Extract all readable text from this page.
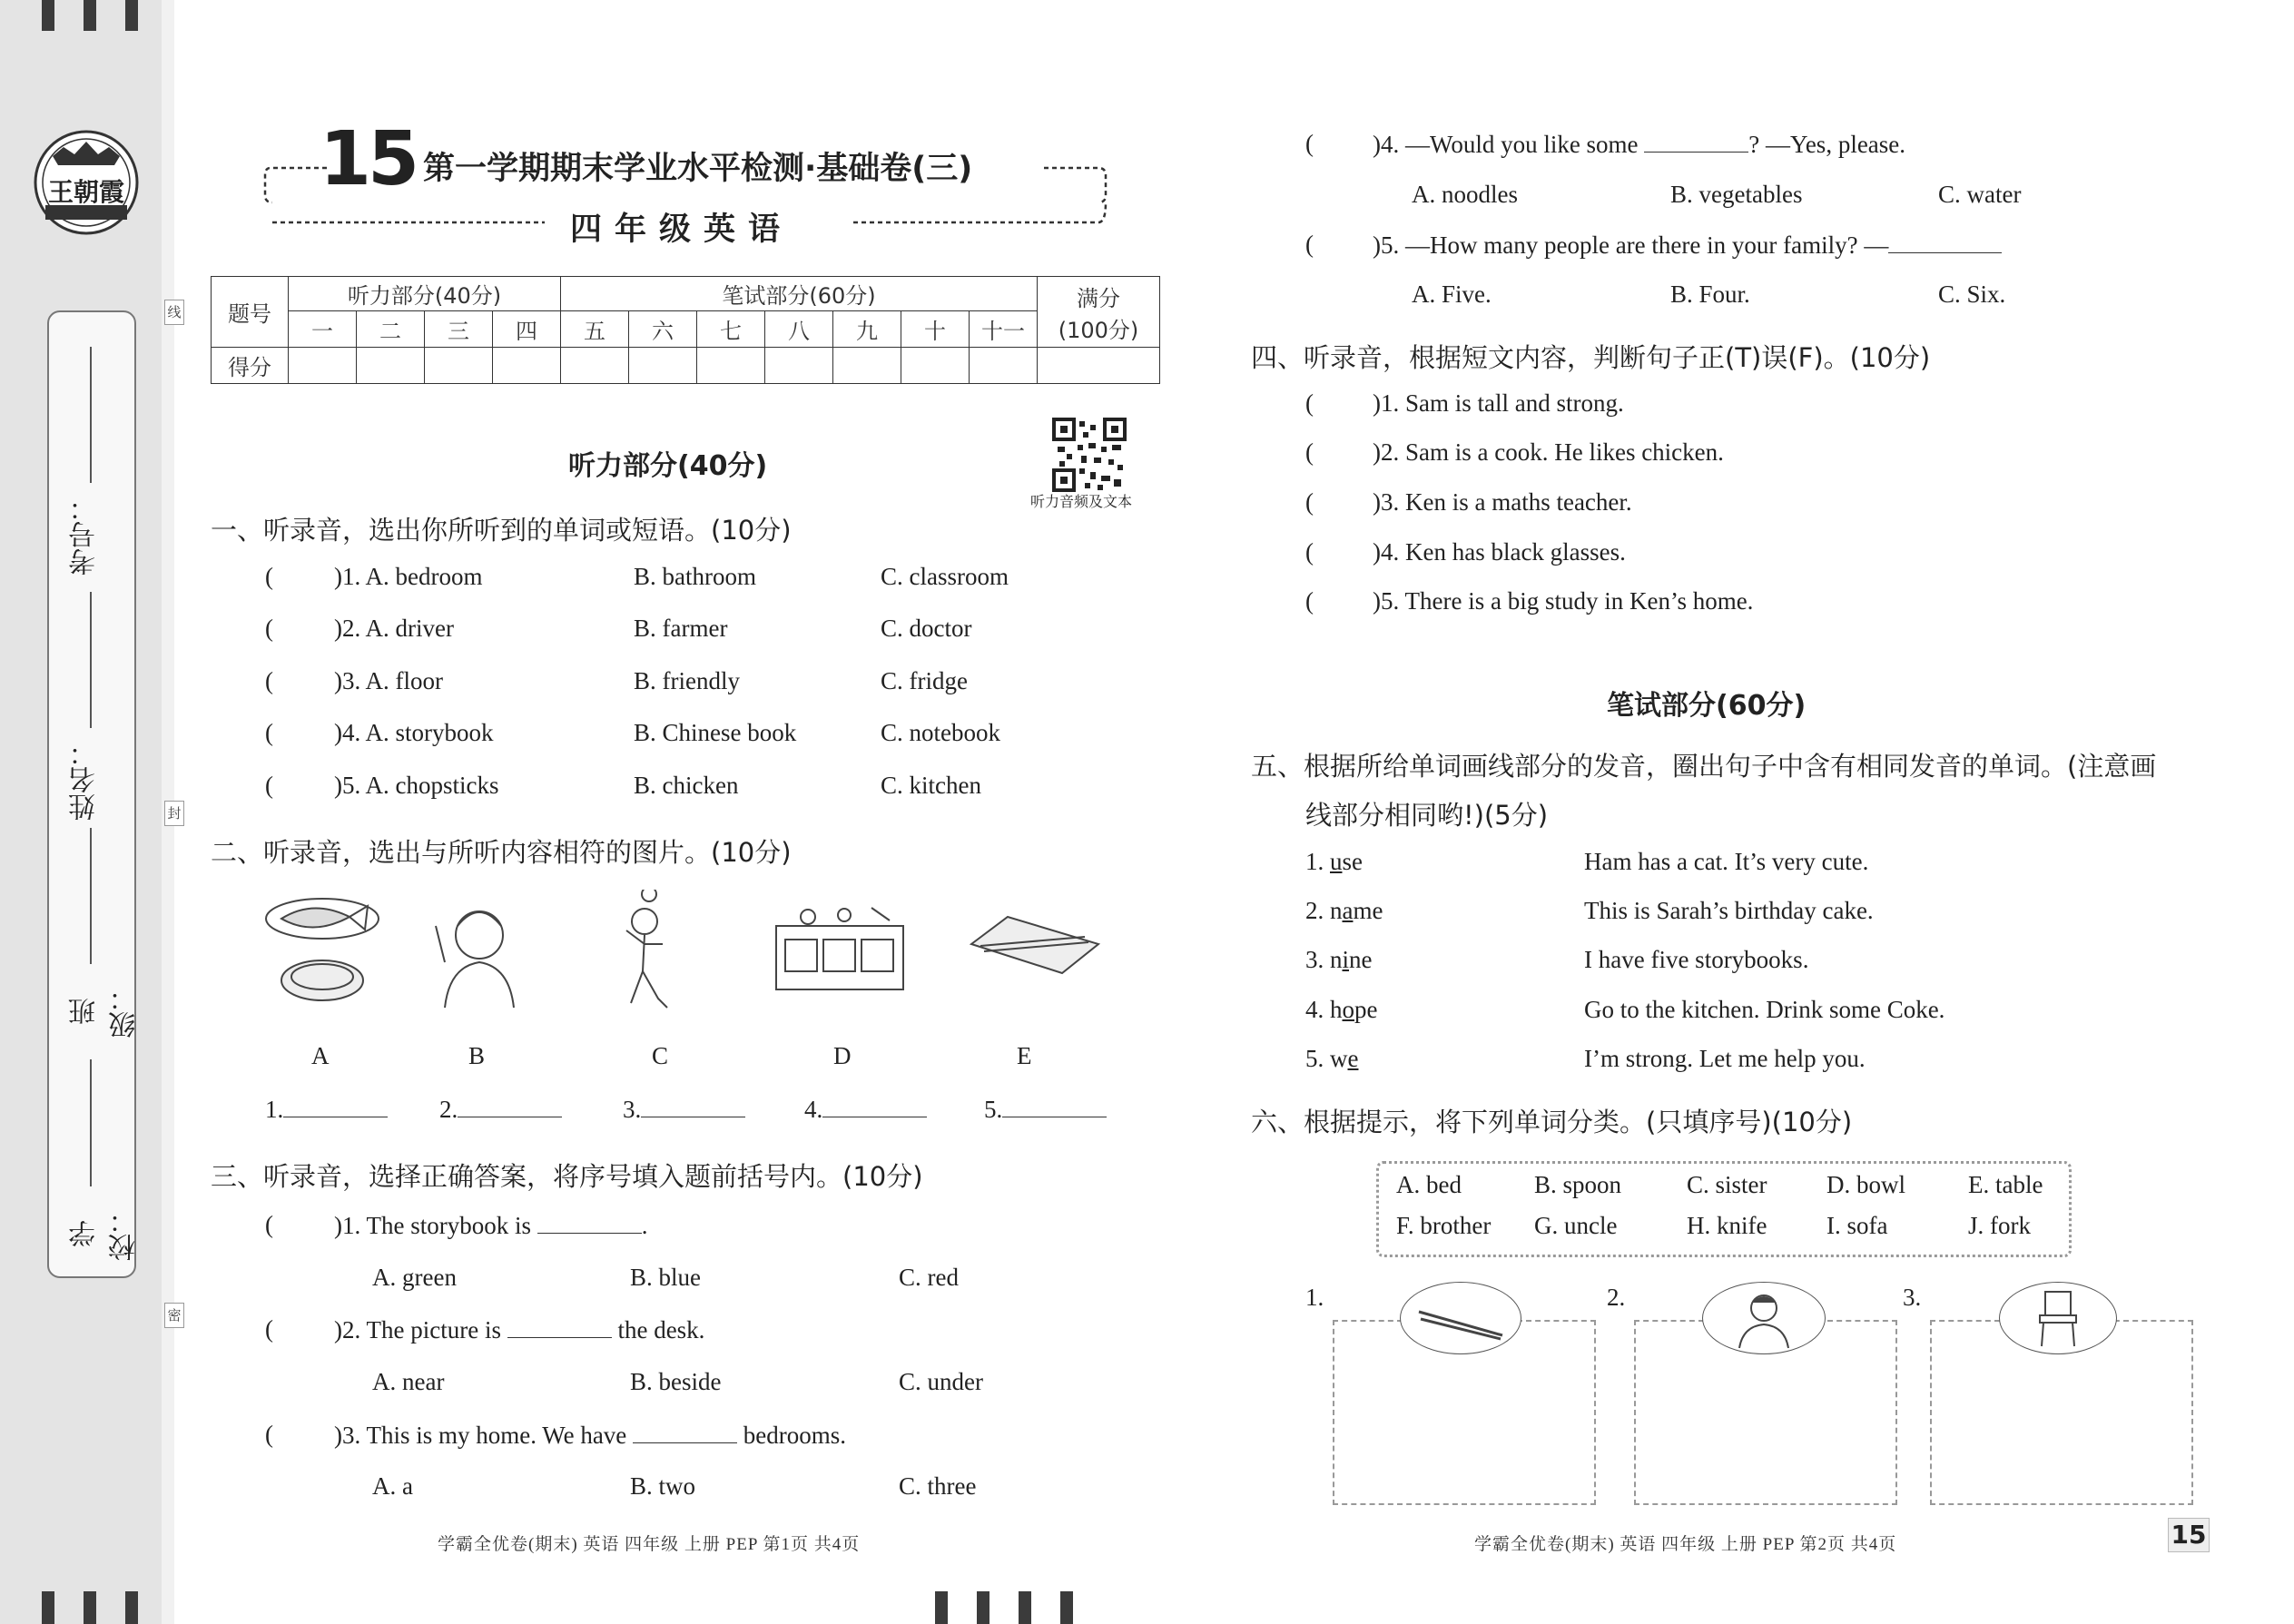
王朝霞
考号：
姓名：
班级：
学校：
线
封
密
15 第一学期期末学业水平检测·基础卷(三)
四年级英语
题号	听力部分(40分)				笔试部分(60分)							满分
(100分)

	一	二	三	四	五	六	七	八	九	十	十一	
得分												
听力音频及文本
听力部分(40分)
一、听录音，选出你所听到的单词或短语。(10分)
( )1. A. bedroom	B. bathroom	C. classroom
( )2. A. driver	B. farmer	C. doctor
( )3. A. floor	B. friendly	C. fridge
( )4. A. storybook	B. Chinese book	C. notebook
( )5. A. chopsticks	B. chicken	C. kitchen
二、听录音，选出与所听内容相符的图片。(10分)
A	B	C	D	E
1.	2.	3.	4.	5.
三、听录音，选择正确答案，将序号填入题前括号内。(10分)
( )1. The storybook is	.
A. green	B. blue	C. red
( )2. The picture is	the desk.
A. near	B. beside	C. under
( )3. This is my home. We have	bedrooms.
A. a	B. two	C. three
学霸全优卷(期末) 英语 四年级 上册 PEP 第1页 共4页
( )4. —Would you like some	? —Yes, please.
A. noodles	B. vegetables	C. water
( )5. —How many people are there in your family? —
A. Five.	B. Four.	C. Six.
四、听录音，根据短文内容，判断句子正(T)误(F)。(10分)
( )1. Sam is tall and strong.
( )2. Sam is a cook. He likes chicken.
( )3. Ken is a maths teacher.
( )4. Ken has black glasses.
( )5. There is a big study in Ken’s home.
笔试部分(60分)
五、根据所给单词画线部分的发音，圈出句子中含有相同发音的单词。(注意画
线部分相同哟!)(5分)
1. use	Ham has a cat. It’s very cute.
2. name	This is Sarah’s birthday cake.
3. nine	I have five storybooks.
4. hope	Go to the kitchen. Drink some Coke.
5. we	I’m strong. Let me help you.
六、根据提示，将下列单词分类。(只填序号)(10分)
A. bed	B. spoon	C. sister D. bowl	E. table
F. brother G. uncle	H. knife I. sofa	J. fork
1.	2.	3.
学霸全优卷(期末) 英语 四年级 上册 PEP 第2页 共4页	15
